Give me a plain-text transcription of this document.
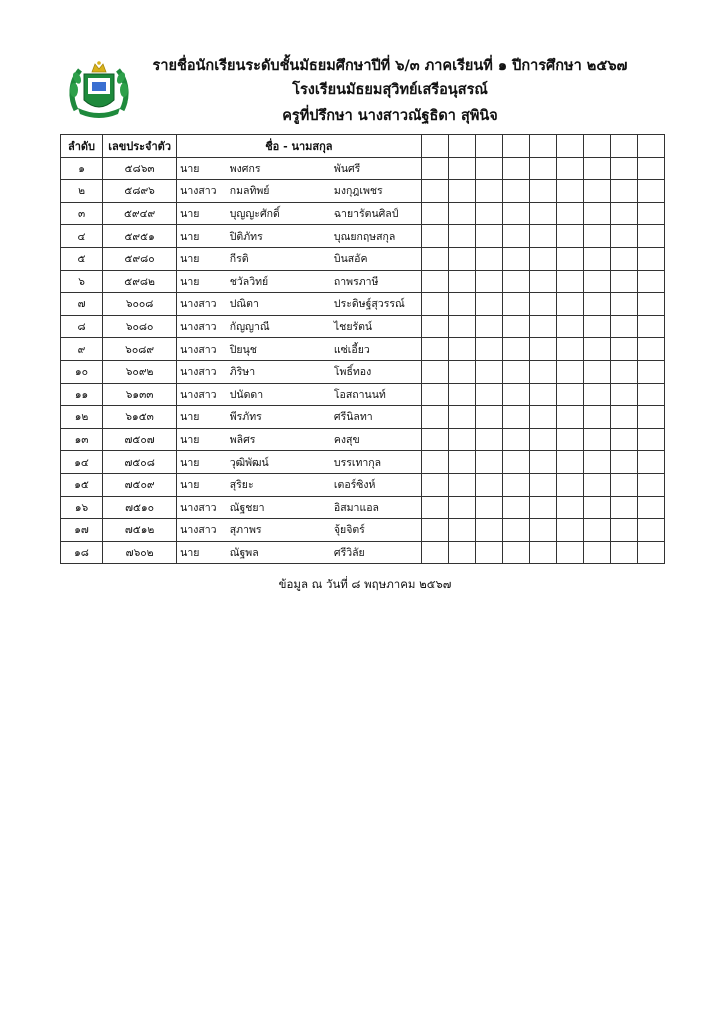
รายชื่อนักเรียนระดับชั้นมัธยมศึกษาปีที่ ๖/๓ ภาคเรียนที่ ๑ ปีการศึกษา ๒๕๖๗
โรงเรียนมัธยมสุวิทย์เสรีอนุสรณ์
ครูที่ปรึกษา นางสาวณัฐธิดา สุพินิจ
ลำดับ	เลขประจำตัว	ชื่อ - นามสกุล											
๑	๕๘๖๓	นาย	พงศกร	พันศรี									
๒	๕๘๙๖	นางสาว	กมลทิพย์	มงกุฎเพชร									
๓	๕๙๔๙	นาย	บุญญะศักดิ์	ฉายารัตนศิลป์									
๔	๕๙๕๑	นาย	ปิติภัทร	บุณยกฤษสกุล									
๕	๕๙๘๐	นาย	กีรติ	บินสอัค									
๖	๕๙๘๒	นาย	ชวัลวิทย์	ถาพรภาษี									
๗	๖๐๐๘	นางสาว	ปณิตา	ประดิษฐ์สุวรรณ์									
๘	๖๐๘๐	นางสาว	กัญญาณี	ไชยรัตน์									
๙	๖๐๘๙	นางสาว	ปิยนุช	แซ่เอี้ยว									
๑๐	๖๐๙๒	นางสาว	ภิริษา	โพธิ์ทอง									
๑๑	๖๑๓๓	นางสาว	ปนัดดา	โอสถานนท์									
๑๒	๖๑๕๓	นาย	พีรภัทร	ศรีนิลทา									
๑๓	๗๕๐๗	นาย	พลิศร	คงสุข									
๑๔	๗๕๐๘	นาย	วุฒิพัฒน์	บรรเทากุล									
๑๕	๗๕๐๙	นาย	สุริยะ	เตอร์ซิงห์									
๑๖	๗๕๑๐	นางสาว	ณัฐชยา	อิสมาแอล									
๑๗	๗๕๑๒	นางสาว	สุภาพร	จุ้ยจิตร์									
๑๘	๗๖๐๒	นาย	ณัฐพล	ศรีวิลัย									
ข้อมูล ณ วันที่ ๘ พฤษภาคม ๒๕๖๗
